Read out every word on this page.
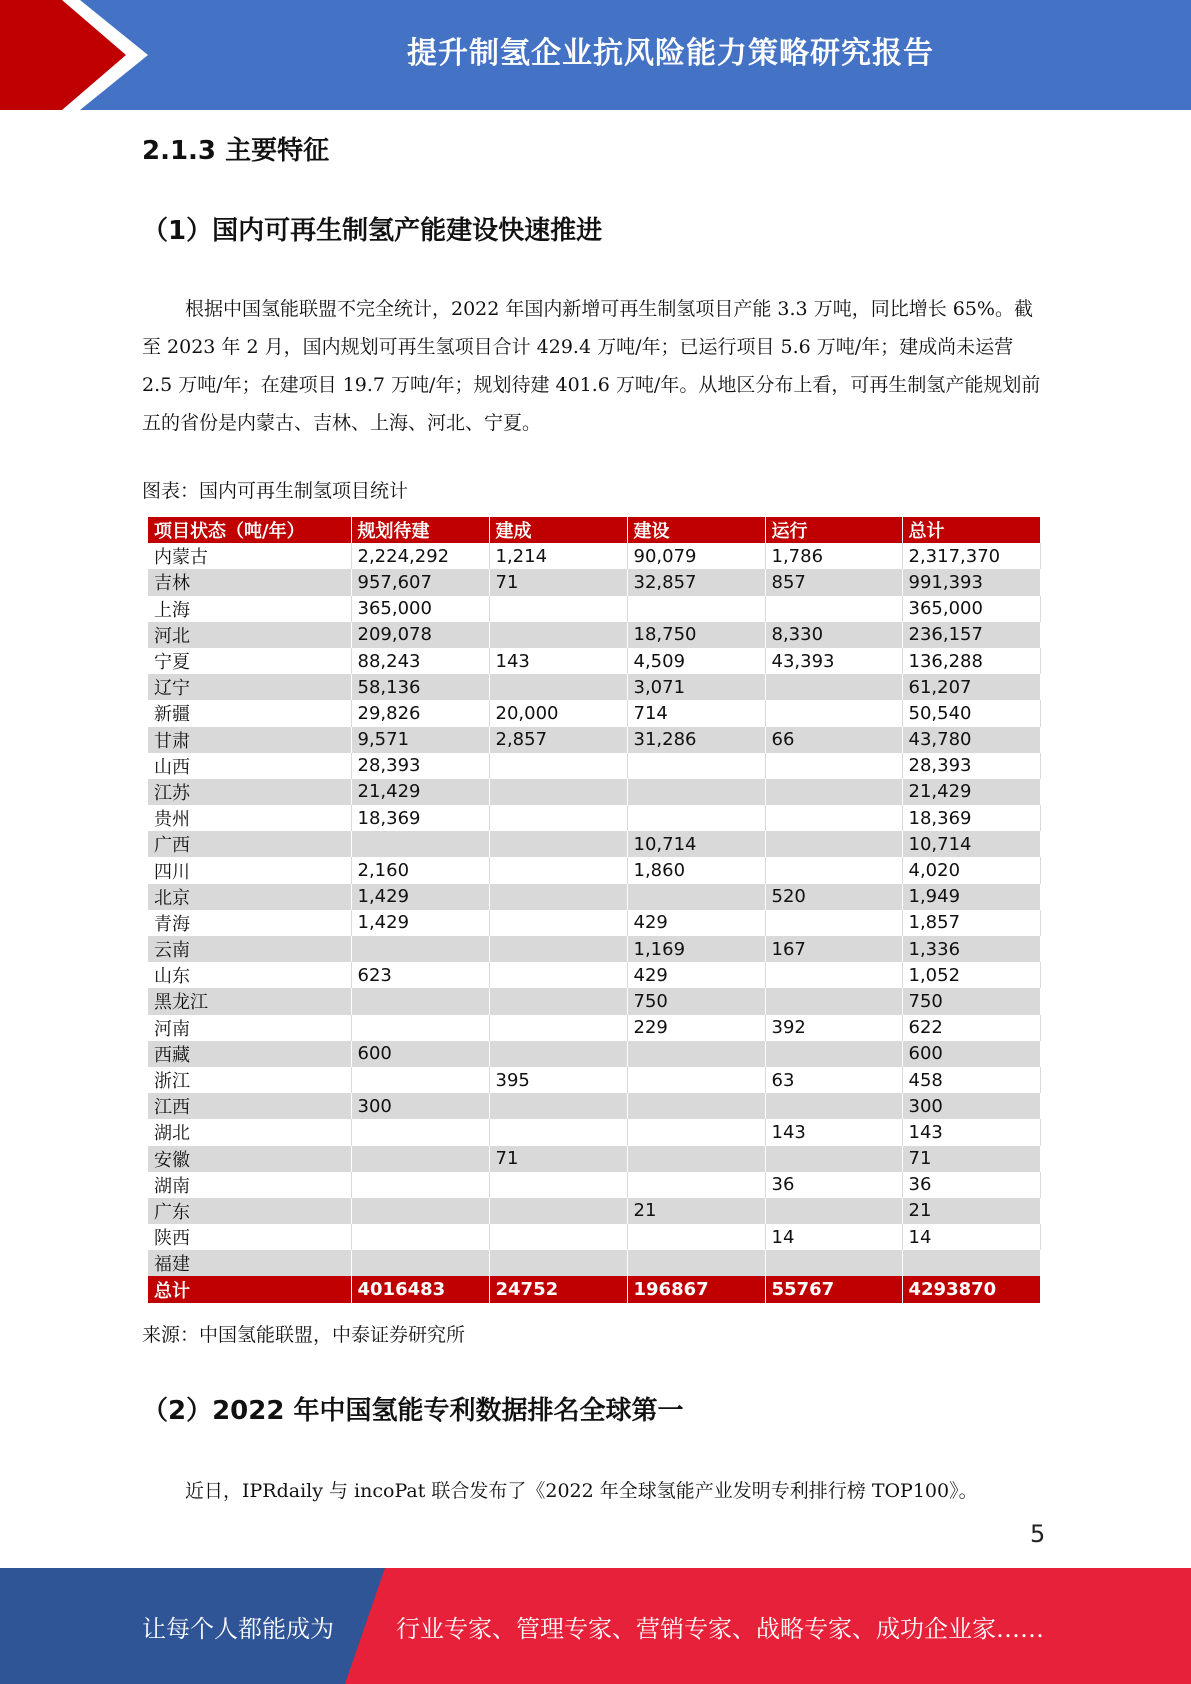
提升制氢企业抗风险能力策略研究报告
2.1.3 主要特征
（1）国内可再生制氢产能建设快速推进
根据中国氢能联盟不完全统计，2022 年国内新增可再生制氢项目产能 3.3 万吨，同比增长 65%。截至 2023 年 2 月，国内规划可再生氢项目合计 429.4 万吨/年；已运行项目 5.6 万吨/年；建成尚未运营 2.5 万吨/年；在建项目 19.7 万吨/年；规划待建 401.6 万吨/年。从地区分布上看，可再生制氢产能规划前五的省份是内蒙古、吉林、上海、河北、宁夏。
图表：国内可再生制氢项目统计
项目状态（吨/年）	规划待建	建成	建设	运行	总计
内蒙古	2,224,292	1,214	90,079	1,786	2,317,370
吉林	957,607	71	32,857	857	991,393
上海	365,000				365,000
河北	209,078		18,750	8,330	236,157
宁夏	88,243	143	4,509	43,393	136,288
辽宁	58,136		3,071		61,207
新疆	29,826	20,000	714		50,540
甘肃	9,571	2,857	31,286	66	43,780
山西	28,393				28,393
江苏	21,429				21,429
贵州	18,369				18,369
广西			10,714		10,714
四川	2,160		1,860		4,020
北京	1,429			520	1,949
青海	1,429		429		1,857
云南			1,169	167	1,336
山东	623		429		1,052
黑龙江			750		750
河南			229	392	622
西藏	600				600
浙江		395		63	458
江西	300				300
湖北				143	143
安徽		71			71
湖南				36	36
广东			21		21
陕西				14	14
福建					
总计	4016483	24752	196867	55767	4293870
来源：中国氢能联盟，中泰证券研究所
（2）2022 年中国氢能专利数据排名全球第一
近日，IPRdaily 与 incoPat 联合发布了《2022 年全球氢能产业发明专利排行榜 TOP100》。
5
让每个人都能成为	行业专家、管理专家、营销专家、战略专家、成功企业家……
